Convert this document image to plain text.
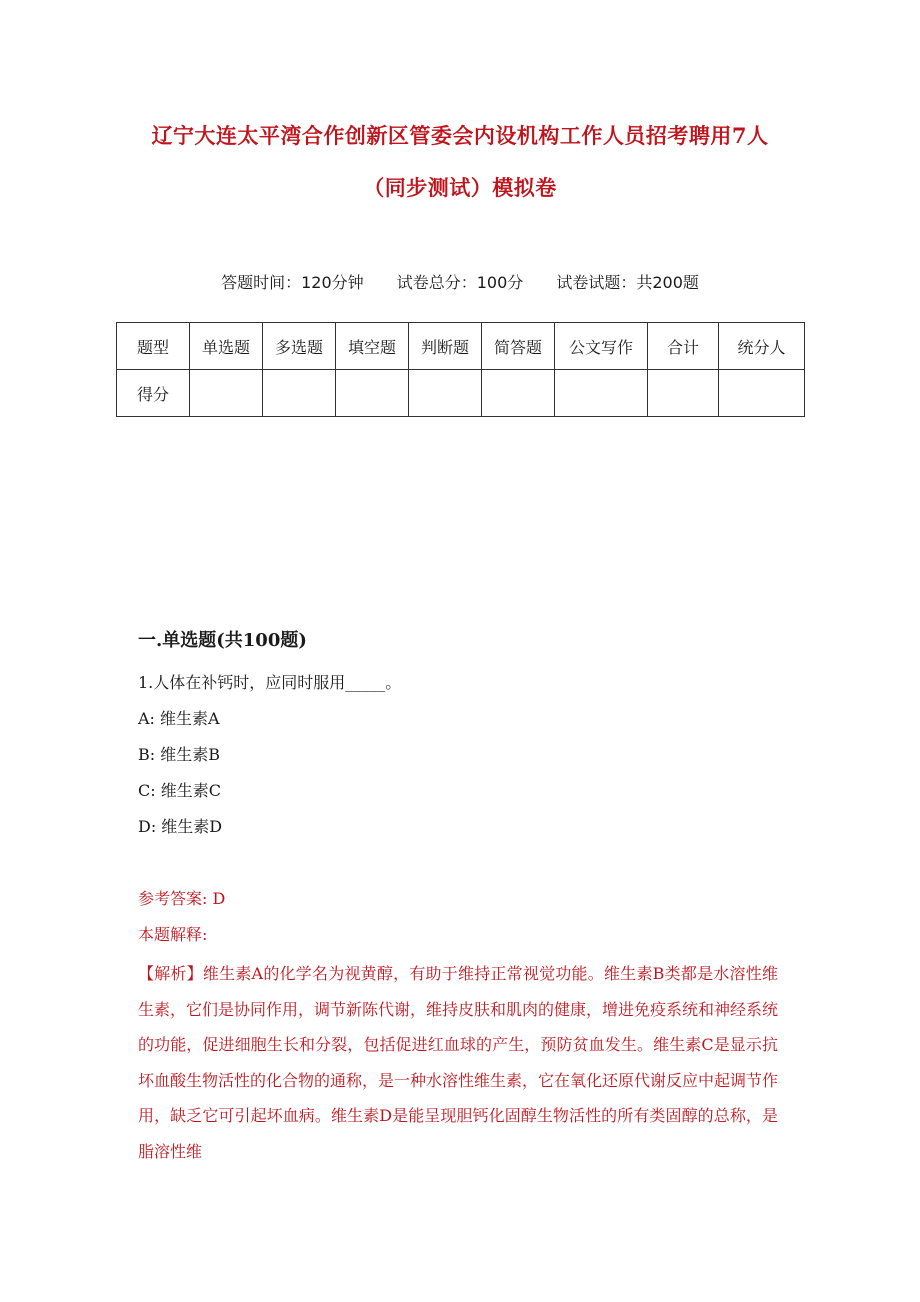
辽宁大连太平湾合作创新区管委会内设机构工作人员招考聘用7人
（同步测试）模拟卷
答题时间：120分钟 试卷总分：100分 试卷试题：共200题
题型	单选题	多选题	填空题	判断题	简答题	公文写作	合计	统分人
得分								
一.单选题(共100题)
1.人体在补钙时，应同时服用_____。
A: 维生素A
B: 维生素B
C: 维生素C
D: 维生素D
参考答案: D
本题解释:
【解析】维生素A的化学名为视黄醇，有助于维持正常视觉功能。维生素B类都是水溶性维生素，它们是协同作用，调节新陈代谢，维持皮肤和肌肉的健康，增进免疫系统和神经系统的功能，促进细胞生长和分裂，包括促进红血球的产生，预防贫血发生。维生素C是显示抗坏血酸生物活性的化合物的通称，是一种水溶性维生素，它在氧化还原代谢反应中起调节作用，缺乏它可引起坏血病。维生素D是能呈现胆钙化固醇生物活性的所有类固醇的总称，是脂溶性维
